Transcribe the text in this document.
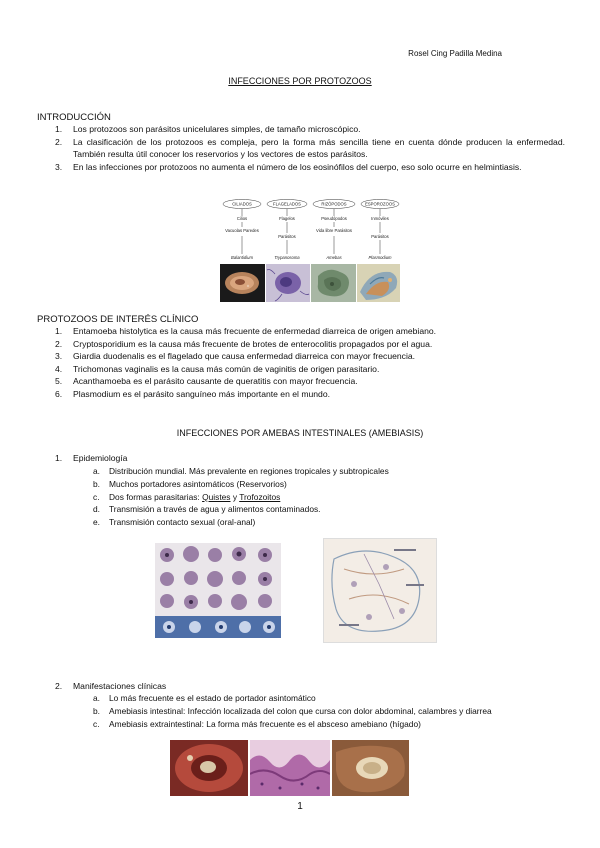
Rosel Cing Padilla Medina
INFECCIONES POR PROTOZOOS
INTRODUCCIÓN
1.	Los protozoos son parásitos unicelulares simples, de tamaño microscópico.
2.	La clasificación de los protozoos es compleja, pero la forma más sencilla tiene en cuenta dónde producen la enfermedad. También resulta útil conocer los reservorios y los vectores de estos parásitos.
3.	En las infecciones por protozoos no aumenta el número de los eosinófilos del cuerpo, eso solo ocurre en helmintiasis.
CILIADOS
Cilios
Vacuolas Paredes
Balantidium
FLAGELADOS
Flagelos
Parásitos
Trypanosoma
RIZÓPODOS
Pseudópodos
Vida libre Parásitos
Amebas
ESPOROZOOS
Inmóviles
Parásitos
Plasmodium
PROTOZOOS DE INTERÉS CLÍNICO
1.	Entamoeba histolytica es la causa más frecuente de enfermedad diarreica de origen amebiano.
2.	Cryptosporidium es la causa más frecuente de brotes de enterocolitis propagados por el agua.
3.	Giardia duodenalis es el flagelado que causa enfermedad diarreica con mayor frecuencia.
4.	Trichomonas vaginalis es la causa más común de vaginitis de origen parasitario.
5.	Acanthamoeba es el parásito causante de queratitis con mayor frecuencia.
6.	Plasmodium es el parásito sanguíneo más importante en el mundo.
INFECCIONES POR AMEBAS INTESTINALES (AMEBIASIS)
1.	Epidemiología
a.	Distribución mundial. Más prevalente en regiones tropicales y subtropicales
b.	Muchos portadores asintomáticos (Reservorios)
c.	Dos formas parasitarias: Quistes y Trofozoitos
d.	Transmisión a través de agua y alimentos contaminados.
e.	Transmisión contacto sexual (oral-anal)
2.	Manifestaciones clínicas
a.	Lo más frecuente es el estado de portador asintomático
b.	Amebiasis intestinal: Infección localizada del colon que cursa con dolor abdominal, calambres y diarrea
c.	Amebiasis extraintestinal: La forma más frecuente es el absceso amebiano (hígado)
1
